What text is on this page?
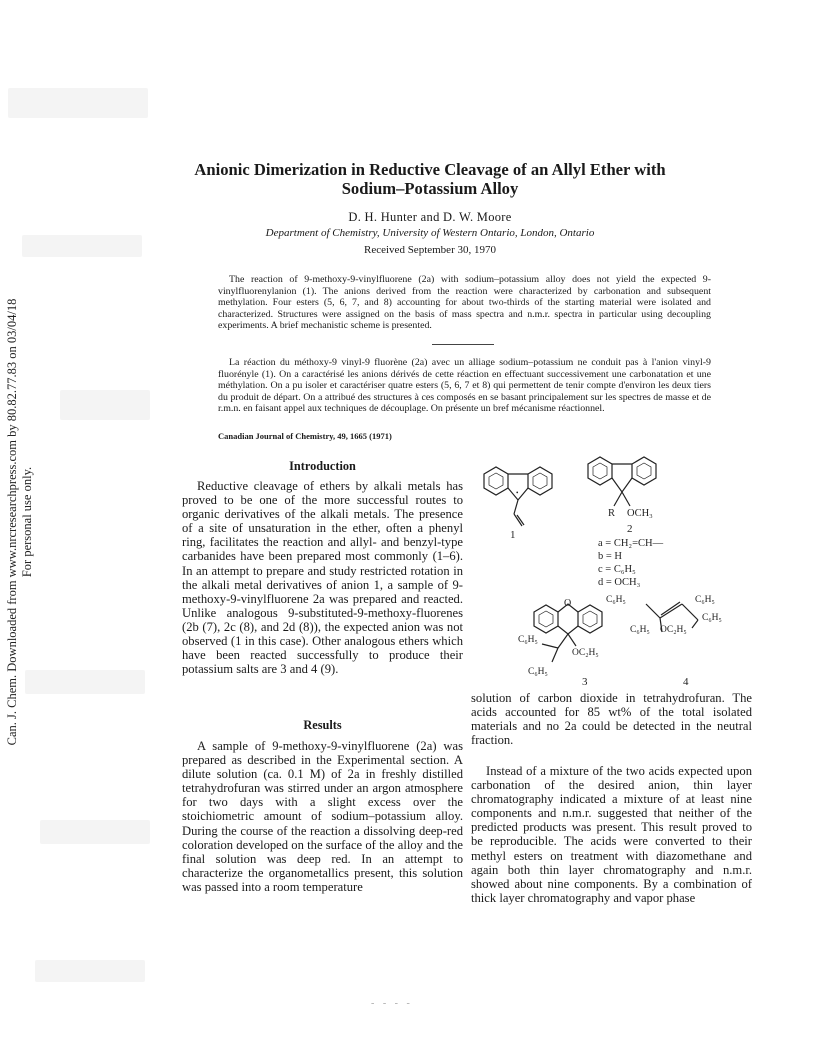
Can. J. Chem. Downloaded from www.nrcresearchpress.com by 80.82.77.83 on 03/04/18 For personal use only.
Anionic Dimerization in Reductive Cleavage of an Allyl Ether with
Sodium–Potassium Alloy
D. H. Hunter and D. W. Moore
Department of Chemistry, University of Western Ontario, London, Ontario
Received September 30, 1970

The reaction of 9-methoxy-9-vinylfluorene (2a) with sodium–potassium alloy does not yield the expected 9-vinylfluorenylanion (1). The anions derived from the reaction were characterized by carbonation and subsequent methylation. Four esters (5, 6, 7, and 8) accounting for about two-thirds of the starting material were isolated and characterized. Structures were assigned on the basis of mass spectra and n.m.r. spectra in particular using decoupling experiments. A brief mechanistic scheme is presented.

La réaction du méthoxy-9 vinyl-9 fluorène (2a) avec un alliage sodium–potassium ne conduit pas à l'anion vinyl-9 fluorényle (1). On a caractérisé les anions dérivés de cette réaction en effectuant successivement une carbonatation et une méthylation. On a pu isoler et caractériser quatre esters (5, 6, 7 et 8) qui permettent de tenir compte d'environ les deux tiers du produit de départ. On a attribué des structures à ces composés en se basant principalement sur les spectres de masse et de r.m.n. en faisant appel aux techniques de découplage. On présente un bref mécanisme réactionnel.

Canadian Journal of Chemistry, 49, 1665 (1971)
Introduction

Reductive cleavage of ethers by alkali metals has proved to be one of the more successful routes to organic derivatives of the alkali metals. The presence of a site of unsaturation in the ether, often a phenyl ring, facilitates the reaction and allyl- and benzyl-type carbanides have been prepared most commonly (1–6). In an attempt to prepare and study restricted rotation in the alkali metal derivatives of anion 1, a sample of 9-methoxy-9-vinylfluorene 2a was prepared and reacted. Unlike analogous 9-substituted-9-methoxy-fluorenes (2b (7), 2c (8), and 2d (8)), the expected anion was not observed (1 in this case). Other analogous ethers which have been reacted successfully to produce their potassium salts are 3 and 4 (9).

Results

A sample of 9-methoxy-9-vinylfluorene (2a) was prepared as described in the Experimental section. A dilute solution (ca. 0.1 M) of 2a in freshly distilled tetrahydrofuran was stirred under an argon atmosphere for two days with a slight excess over the stoichiometric amount of sodium–potassium alloy. During the course of the reaction a dissolving deep-red coloration developed on the surface of the alloy and the final solution was deep red. In an attempt to characterize the organometallics present, this solution was passed into a room temperature

•
1
R OCH₃
2
a = CH₂=CH—
b = H
c = C₆H₅
d = OCH₃
O
C₆H₅
C₆H₅
OC₂H₅
3
C₆H₅	C₆H₅
C₆H₅
C₆H₅ OC₂H₅
4

solution of carbon dioxide in tetrahydrofuran. The acids accounted for 85 wt% of the total isolated materials and no 2a could be detected in the neutral fraction.

Instead of a mixture of the two acids expected upon carbonation of the desired anion, thin layer chromatography indicated a mixture of at least nine components and n.m.r. suggested that neither of the predicted products was present. This result proved to be reproducible. The acids were converted to their methyl esters on treatment with diazomethane and again both thin layer chromatography and n.m.r. showed about nine components. By a combination of thick layer chromatography and vapor phase

- - - -
